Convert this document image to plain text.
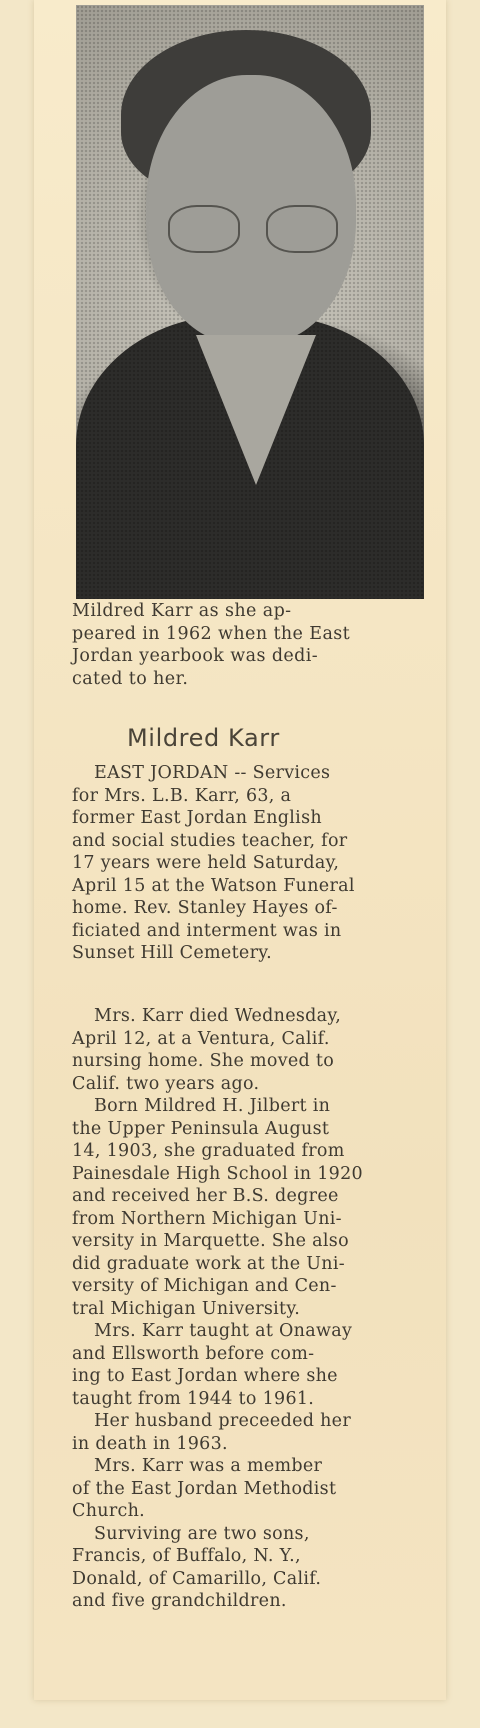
Mildred Karr as she ap-
peared in 1962 when the East
Jordan yearbook was dedi-
cated to her.
Mildred Karr
EAST JORDAN -- Services
for Mrs. L.B. Karr, 63, a
former East Jordan English
and social studies teacher, for
17 years were held Saturday,
April 15 at the Watson Funeral
home. Rev. Stanley Hayes of-
ficiated and interment was in
Sunset Hill Cemetery.
Mrs. Karr died Wednesday,
April 12, at a Ventura, Calif.
nursing home. She moved to
Calif. two years ago.
Born Mildred H. Jilbert in
the Upper Peninsula August
14, 1903, she graduated from
Painesdale High School in 1920
and received her B.S. degree
from Northern Michigan Uni-
versity in Marquette. She also
did graduate work at the Uni-
versity of Michigan and Cen-
tral Michigan University.
Mrs. Karr taught at Onaway
and Ellsworth before com-
ing to East Jordan where she
taught from 1944 to 1961.
Her husband preceeded her
in death in 1963.
Mrs. Karr was a member
of the East Jordan Methodist
Church.
Surviving are two sons,
Francis, of Buffalo, N. Y.,
Donald, of Camarillo, Calif.
and five grandchildren.
